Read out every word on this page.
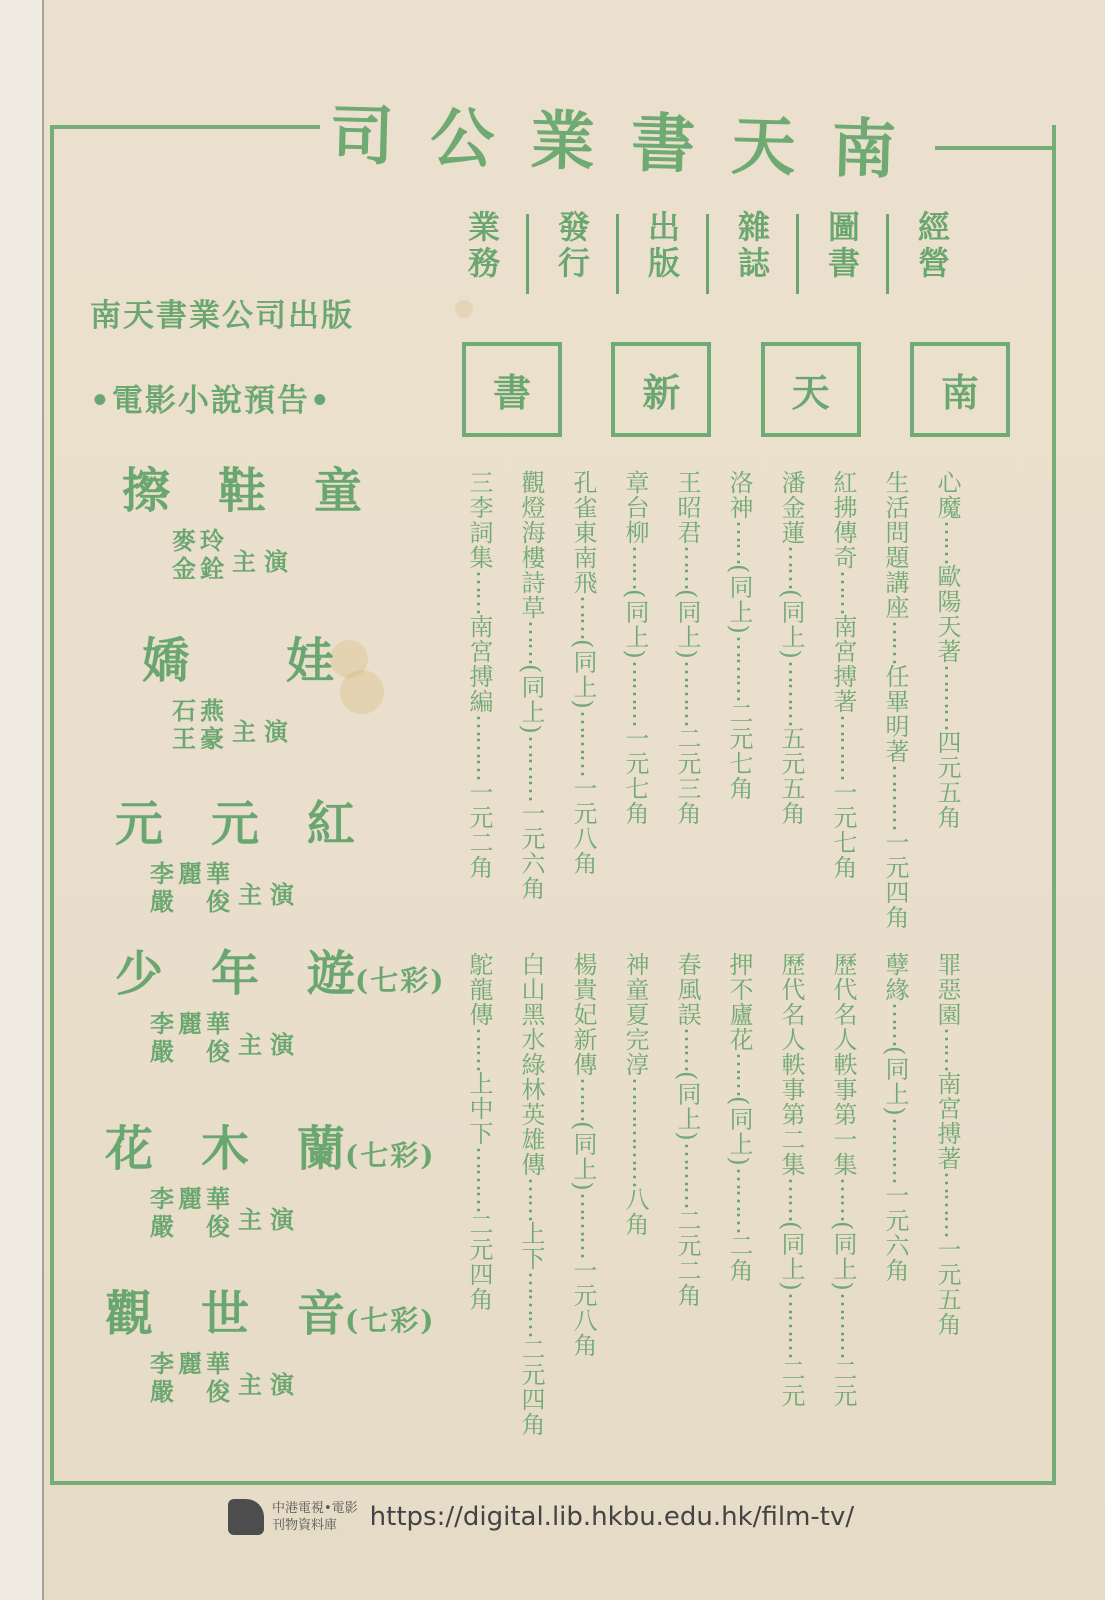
司 公 業 書 天 南
經營
圖書
雜誌
出版
發行
業務
南
天
新
書
心魔⋯⋯歐陽天著⋯⋯⋯四元五角
生活問題講座⋯⋯任畢明著⋯⋯⋯一元四角
紅拂傳奇⋯⋯南宮搏著⋯⋯⋯一元七角
潘金蓮⋯⋯(同上)⋯⋯⋯五元五角
洛神⋯⋯(同上)⋯⋯⋯二元七角
王昭君⋯⋯(同上)⋯⋯⋯二元三角
章台柳⋯⋯(同上)⋯⋯⋯一元七角
孔雀東南飛⋯⋯(同上)⋯⋯⋯一元八角
觀燈海樓詩草⋯⋯(同上)⋯⋯⋯一元六角
三李詞集⋯⋯南宮搏編⋯⋯⋯一元二角
罪惡園⋯⋯南宮搏著⋯⋯⋯一元五角
孽緣⋯⋯(同上)⋯⋯⋯一元六角
歷代名人軼事第一集⋯⋯(同上)⋯⋯⋯二元
歷代名人軼事第二集⋯⋯(同上)⋯⋯⋯二元
押不廬花⋯⋯(同上)⋯⋯⋯二角
春風誤⋯⋯(同上)⋯⋯⋯二元二角
神童夏完淳⋯⋯⋯⋯⋯八角
楊貴妃新傳⋯⋯(同上)⋯⋯⋯一元八角
白山黑水綠林英雄傳⋯⋯上下⋯⋯⋯二元四角
鴕龍傳⋯⋯上中下⋯⋯⋯二元四角
南天書業公司出版
•電影小說預告•
擦　鞋　童
麥玲
金銓 主演
嬌　　娃
石燕
王豪 主演
元　元　紅
李麗華
嚴　俊 主演
少　年　遊(七彩)
李麗華
嚴　俊 主演
花　木　蘭(七彩)
李麗華
嚴　俊 主演
觀　世　音(七彩)
李麗華
嚴　俊 主演
中港電視•電影
刊物資料庫	https://digital.lib.hkbu.edu.hk/film-tv/
